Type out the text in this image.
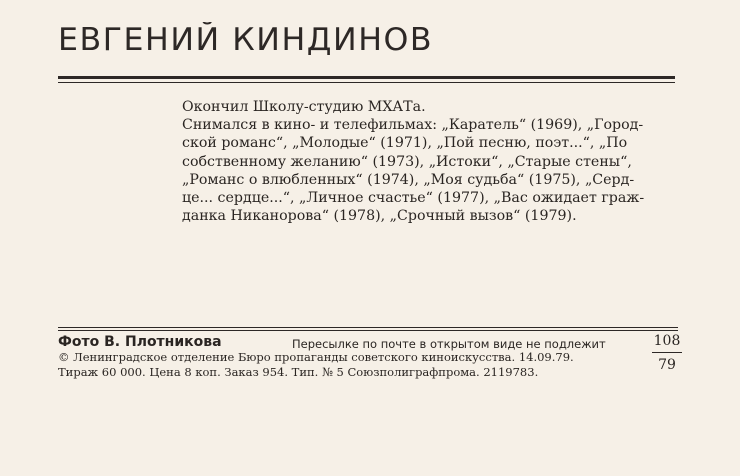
ЕВГЕНИЙ КИНДИНОВ
Окончил Школу-студию МХАТа.
Снимался в кино- и телефильмах: „Каратель“ (1969), „Город-
ской романс“, „Молодые“ (1971), „Пой песню, поэт...“, „По
собственному желанию“ (1973), „Истоки“, „Старые стены“,
„Романс о влюбленных“ (1974), „Моя судьба“ (1975), „Серд-
це... сердце...“, „Личное счастье“ (1977), „Вас ожидает граж-
данка Никанорова“ (1978), „Срочный вызов“ (1979).
Фото В. Плотникова	Пересылке по почте в открытом виде не подлежит
© Ленинградское отделение Бюро пропаганды советского киноискусства. 14.09.79.
Тираж 60 000. Цена 8 коп. Заказ 954. Тип. № 5 Союзполиграфпрома. 2119783.
108
79
